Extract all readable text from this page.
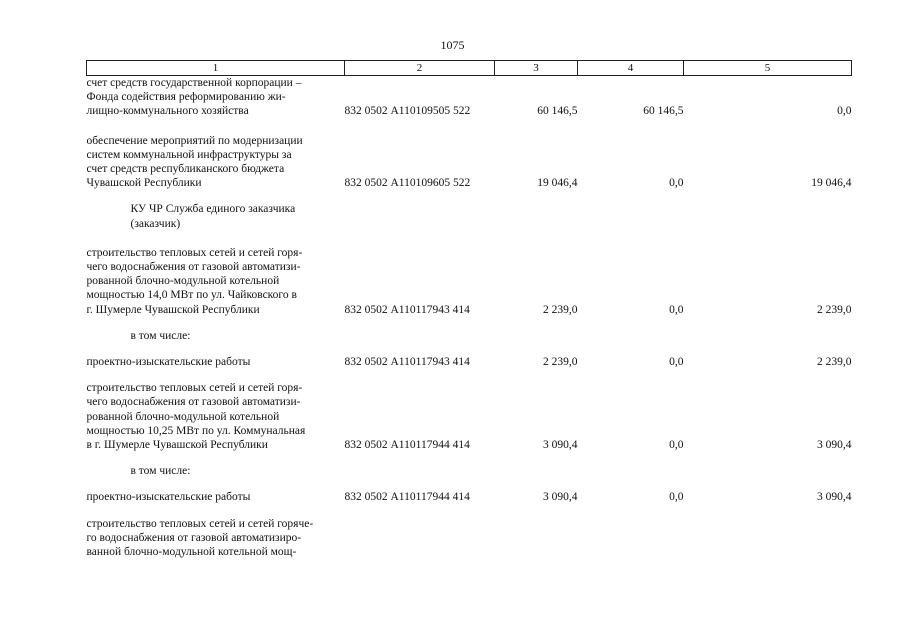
1075
1	2	3	4	5

счет средств государственной корпорации –
Фонда содействия реформированию жи-
лищно-коммунального хозяйства	832 0502 А110109505 522	60 146,5	60 146,5	0,0

обеспечение мероприятий по модернизации
систем коммунальной инфраструктуры за
счет средств республиканского бюджета
Чувашской Республики	832 0502 А110109605 522	19 046,4	0,0	19 046,4

КУ ЧР Служба единого заказчика
(заказчик)				

строительство тепловых сетей и сетей горя-
чего водоснабжения от газовой автоматизи-
рованной блочно-модульной котельной
мощностью 14,0 МВт по ул. Чайковского в
г. Шумерле Чувашской Республики	832 0502 А110117943 414	2 239,0	0,0	2 239,0

в том числе:				

проектно-изыскательские работы	832 0502 А110117943 414	2 239,0	0,0	2 239,0

строительство тепловых сетей и сетей горя-
чего водоснабжения от газовой автоматизи-
рованной блочно-модульной котельной
мощностью 10,25 МВт по ул. Коммунальная
в г. Шумерле Чувашской Республики	832 0502 А110117944 414	3 090,4	0,0	3 090,4

в том числе:				

проектно-изыскательские работы	832 0502 А110117944 414	3 090,4	0,0	3 090,4

строительство тепловых сетей и сетей горяче-
го водоснабжения от газовой автоматизиро-
ванной блочно-модульной котельной мощ-				
